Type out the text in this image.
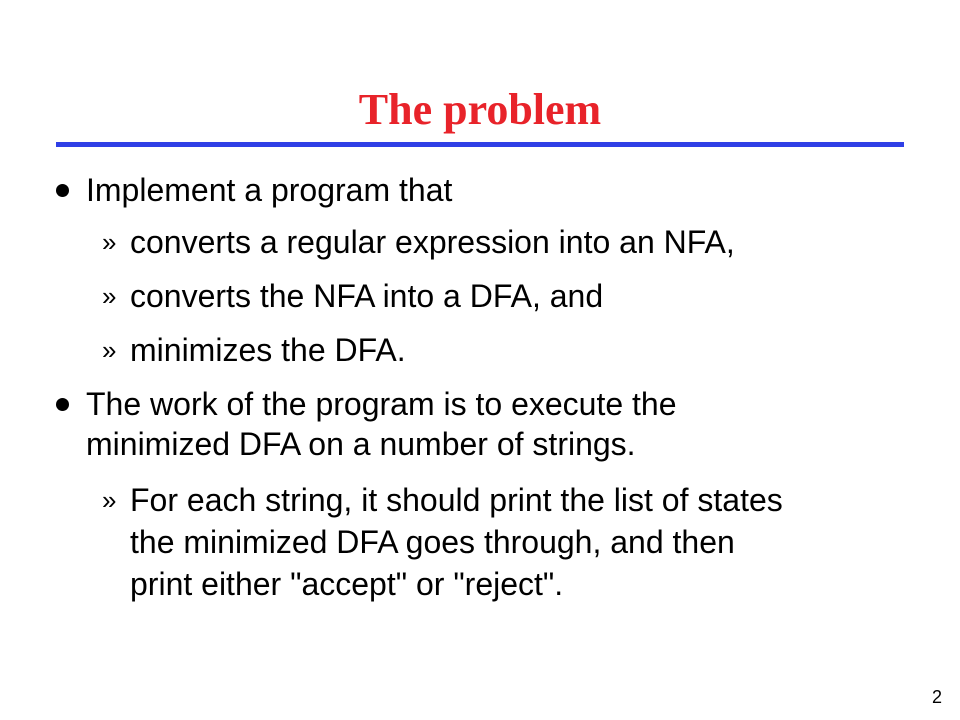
The problem
Implement a program that
» converts a regular expression into an NFA,
» converts the NFA into a DFA, and
» minimizes the DFA.
The work of the program is to execute the
minimized DFA on a number of strings.
» For each string, it should print the list of states
the minimized DFA goes through, and then
print either "accept" or "reject".
2
